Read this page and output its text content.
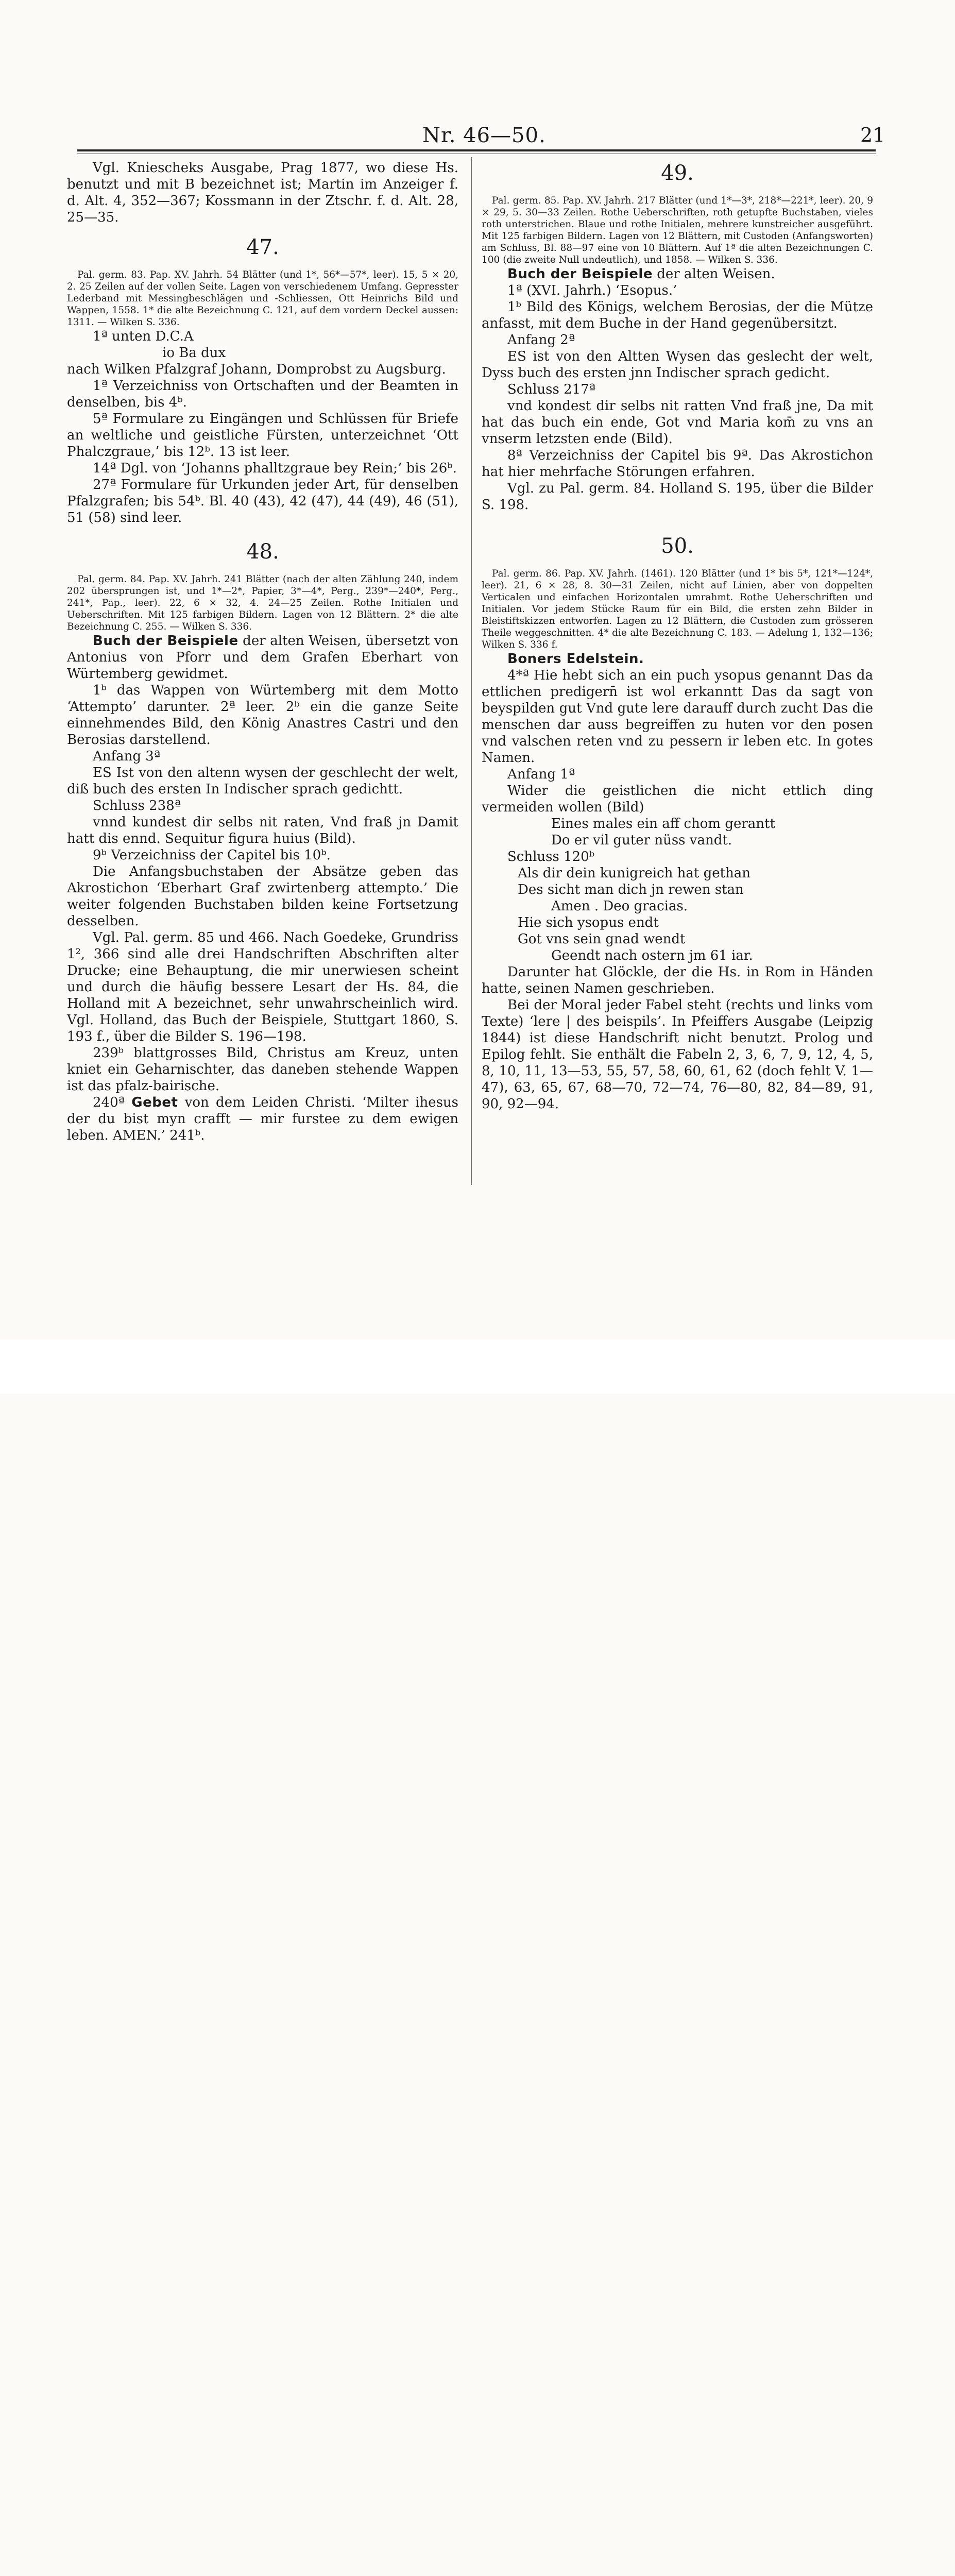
Nr. 46—50.	21

Vgl. Kniescheks Ausgabe, Prag 1877, wo diese Hs. benutzt und mit B bezeichnet ist; Martin im Anzeiger f. d. Alt. 4, 352—367; Kossmann in der Ztschr. f. d. Alt. 28, 25—35.

47.

Pal. germ. 83. Pap. XV. Jahrh. 54 Blätter (und 1*, 56*—57*, leer). 15, 5 × 20, 2. 25 Zeilen auf der vollen Seite. Lagen von verschiedenem Umfang. Gepresster Lederband mit Messingbeschlägen und -Schliessen, Ott Heinrichs Bild und Wappen, 1558. 1* die alte Bezeichnung C. 121, auf dem vordern Deckel aussen: 1311. — Wilken S. 336.

1ª unten D.C.A

io Ba dux

nach Wilken Pfalzgraf Johann, Domprobst zu Augsburg.

1ª Verzeichniss von Ortschaften und der Beamten in denselben, bis 4ᵇ.

5ª Formulare zu Eingängen und Schlüssen für Briefe an weltliche und geistliche Fürsten, unterzeichnet ‘Ott Phalczgraue,’ bis 12ᵇ. 13 ist leer.

14ª Dgl. von ‘Johanns phalltzgraue bey Rein;’ bis 26ᵇ.

27ª Formulare für Urkunden jeder Art, für denselben Pfalzgrafen; bis 54ᵇ. Bl. 40 (43), 42 (47), 44 (49), 46 (51), 51 (58) sind leer.

48.

Pal. germ. 84. Pap. XV. Jahrh. 241 Blätter (nach der alten Zählung 240, indem 202 übersprungen ist, und 1*—2*, Papier, 3*—4*, Perg., 239*—240*, Perg., 241*, Pap., leer). 22, 6 × 32, 4. 24—25 Zeilen. Rothe Initialen und Ueberschriften. Mit 125 farbigen Bildern. Lagen von 12 Blättern. 2* die alte Bezeichnung C. 255. — Wilken S. 336.

Buch der Beispiele der alten Weisen, übersetzt von Antonius von Pforr und dem Grafen Eberhart von Würtemberg gewidmet.

1ᵇ das Wappen von Würtemberg mit dem Motto ‘Attempto’ darunter. 2ª leer. 2ᵇ ein die ganze Seite einnehmendes Bild, den König Anastres Castri und den Berosias darstellend.

Anfang 3ª

ES Ist von den altenn wysen der geschlecht der welt, diß buch des ersten In Indischer sprach gedichtt.

Schluss 238ª

vnnd kundest dir selbs nit raten, Vnd fraß jn Damit hatt dis ennd. Sequitur figura huius (Bild).

9ᵇ Verzeichniss der Capitel bis 10ᵇ.

Die Anfangsbuchstaben der Absätze geben das Akrostichon ‘Eberhart Graf zwirtenberg attempto.’ Die weiter folgenden Buchstaben bilden keine Fortsetzung desselben.

Vgl. Pal. germ. 85 und 466. Nach Goedeke, Grundriss 1², 366 sind alle drei Handschriften Abschriften alter Drucke; eine Behauptung, die mir unerwiesen scheint und durch die häufig bessere Lesart der Hs. 84, die Holland mit A bezeichnet, sehr unwahrscheinlich wird. Vgl. Holland, das Buch der Beispiele, Stuttgart 1860, S. 193 f., über die Bilder S. 196—198.

239ᵇ blattgrosses Bild, Christus am Kreuz, unten kniet ein Geharnischter, das daneben stehende Wappen ist das pfalz-bairische.

240ª Gebet von dem Leiden Christi. ‘Milter ihesus der du bist myn crafft — mir furstee zu dem ewigen leben. AMEN.’ 241ᵇ.

49.

Pal. germ. 85. Pap. XV. Jahrh. 217 Blätter (und 1*—3*, 218*—221*, leer). 20, 9 × 29, 5. 30—33 Zeilen. Rothe Ueberschriften, roth getupfte Buchstaben, vieles roth unterstrichen. Blaue und rothe Initialen, mehrere kunstreicher ausgeführt. Mit 125 farbigen Bildern. Lagen von 12 Blättern, mit Custoden (Anfangsworten) am Schluss, Bl. 88—97 eine von 10 Blättern. Auf 1ª die alten Bezeichnungen C. 100 (die zweite Null undeutlich), und 1858. — Wilken S. 336.

Buch der Beispiele der alten Weisen.

1ª (XVI. Jahrh.) ‘Esopus.’

1ᵇ Bild des Königs, welchem Berosias, der die Mütze anfasst, mit dem Buche in der Hand gegenübersitzt.

Anfang 2ª

ES ist von den Altten Wysen das geslecht der welt, Dyss buch des ersten jnn Indischer sprach gedicht.

Schluss 217ª

vnd kondest dir selbs nit ratten Vnd fraß jne, Da mit hat das buch ein ende, Got vnd Maria kom̄ zu vns an vnserm letzsten ende (Bild).

8ª Verzeichniss der Capitel bis 9ª. Das Akrostichon hat hier mehrfache Störungen erfahren.

Vgl. zu Pal. germ. 84. Holland S. 195, über die Bilder S. 198.

50.

Pal. germ. 86. Pap. XV. Jahrh. (1461). 120 Blätter (und 1* bis 5*, 121*—124*, leer). 21, 6 × 28, 8. 30—31 Zeilen, nicht auf Linien, aber von doppelten Verticalen und einfachen Horizontalen umrahmt. Rothe Ueberschriften und Initialen. Vor jedem Stücke Raum für ein Bild, die ersten zehn Bilder in Bleistiftskizzen entworfen. Lagen zu 12 Blättern, die Custoden zum grösseren Theile weggeschnitten. 4* die alte Bezeichnung C. 183. — Adelung 1, 132—136; Wilken S. 336 f.

Boners Edelstein.

4*ª Hie hebt sich an ein puch ysopus genannt Das da ettlichen predigern̄ ist wol erkanntt Das da sagt von beyspilden gut Vnd gute lere darauff durch zucht Das die menschen dar auss begreiffen zu huten vor den posen vnd valschen reten vnd zu pessern ir leben etc. In gotes Namen.

Anfang 1ª

Wider die geistlichen die nicht ettlich ding vermeiden wollen (Bild)

Eines males ein aff chom gerantt

Do er vil guter nüss vandt.

Schluss 120ᵇ

Als dir dein kunigreich hat gethan

Des sicht man dich jn rewen stan

Amen . Deo gracias.

Hie sich ysopus endt

Got vns sein gnad wendt

Geendt nach ostern jm 61 iar.

Darunter hat Glöckle, der die Hs. in Rom in Händen hatte, seinen Namen geschrieben.

Bei der Moral jeder Fabel steht (rechts und links vom Texte) ‘lere | des beispils’. In Pfeiffers Ausgabe (Leipzig 1844) ist diese Handschrift nicht benutzt. Prolog und Epilog fehlt. Sie enthält die Fabeln 2, 3, 6, 7, 9, 12, 4, 5, 8, 10, 11, 13—53, 55, 57, 58, 60, 61, 62 (doch fehlt V. 1—47), 63, 65, 67, 68—70, 72—74, 76—80, 82, 84—89, 91, 90, 92—94.
